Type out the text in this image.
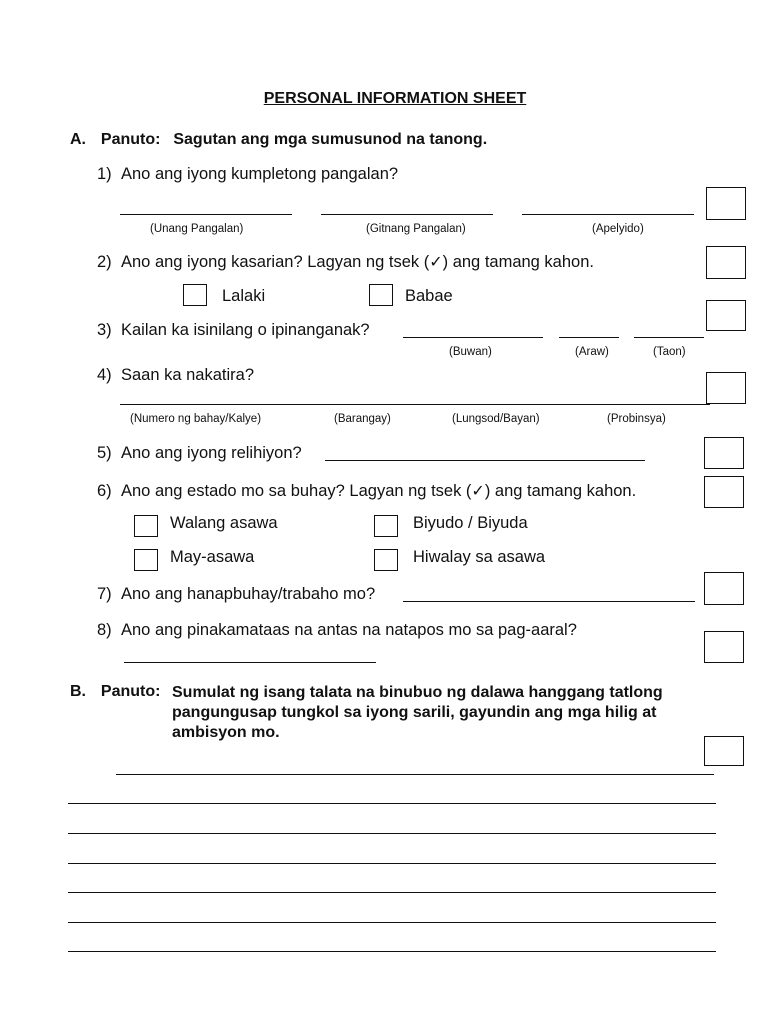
PERSONAL INFORMATION SHEET
A. Panuto: Sagutan ang mga sumusunod na tanong.
1) Ano ang iyong kumpletong pangalan?
(Unang Pangalan)	(Gitnang Pangalan)	(Apelyido)
2) Ano ang iyong kasarian? Lagyan ng tsek (✓) ang tamang kahon.
Lalaki	Babae
3) Kailan ka isinilang o ipinanganak?
(Buwan)	(Araw)	(Taon)
4) Saan ka nakatira?
(Numero ng bahay/Kalye)	(Barangay)	(Lungsod/Bayan)	(Probinsya)
5) Ano ang iyong relihiyon?
6) Ano ang estado mo sa buhay? Lagyan ng tsek (✓) ang tamang kahon.
Walang asawa	Biyudo / Biyuda
May-asawa	Hiwalay sa asawa
7) Ano ang hanapbuhay/trabaho mo?
8) Ano ang pinakamataas na antas na natapos mo sa pag-aaral?
B. Panuto: Sumulat ng isang talata na binubuo ng dalawa hanggang tatlong
pangungusap tungkol sa iyong sarili, gayundin ang mga hilig at
ambisyon mo.
